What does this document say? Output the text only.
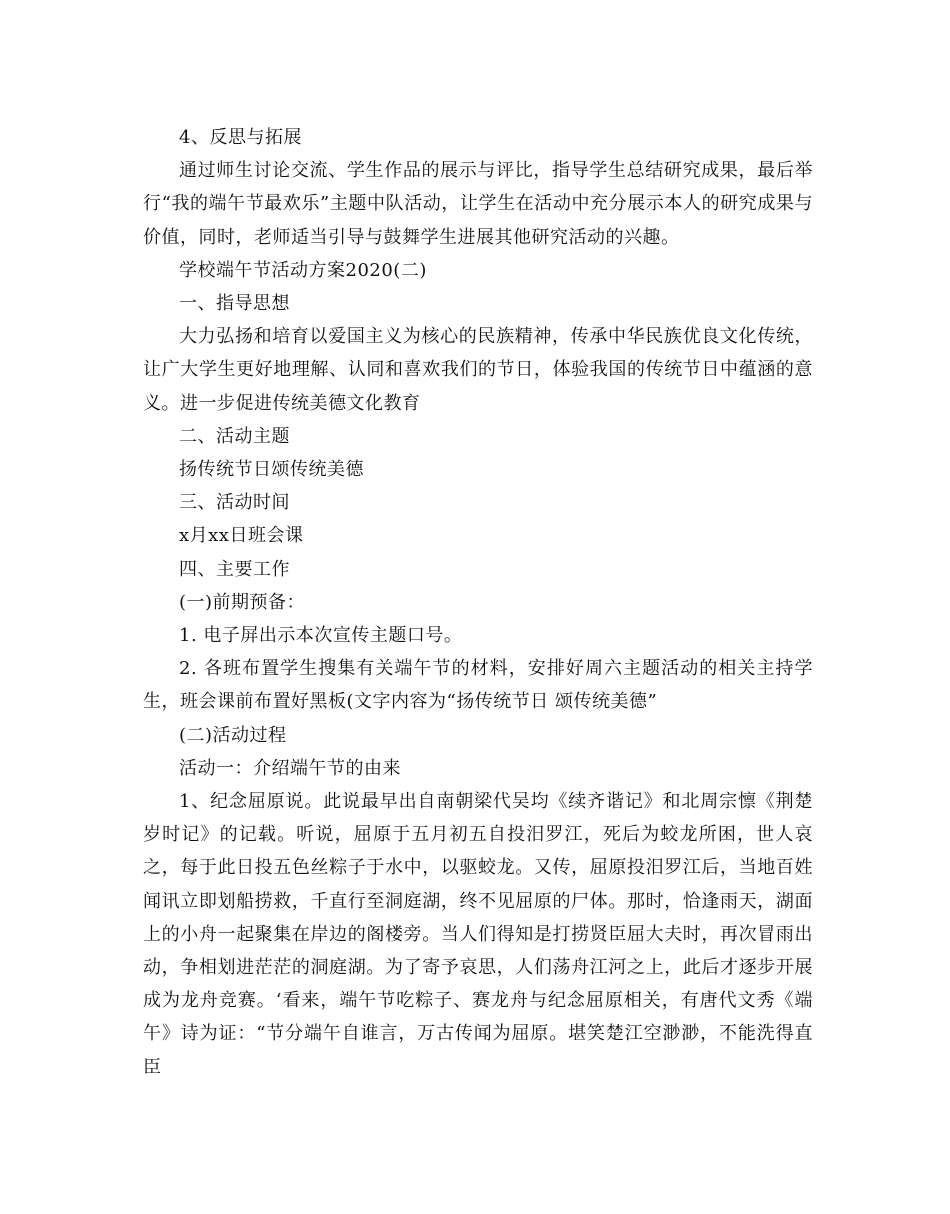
4、反思与拓展

通过师生讨论交流、学生作品的展示与评比，指导学生总结研究成果，最后举行“我的端午节最欢乐”主题中队活动，让学生在活动中充分展示本人的研究成果与价值，同时，老师适当引导与鼓舞学生进展其他研究活动的兴趣。

学校端午节活动方案2020(二)

一、指导思想

大力弘扬和培育以爱国主义为核心的民族精神，传承中华民族优良文化传统，让广大学生更好地理解、认同和喜欢我们的节日，体验我国的传统节日中蕴涵的意义。进一步促进传统美德文化教育

二、活动主题

扬传统节日颂传统美德

三、活动时间

x月xx日班会课

四、主要工作

(一)前期预备：

1. 电子屏出示本次宣传主题口号。

2. 各班布置学生搜集有关端午节的材料，安排好周六主题活动的相关主持学生，班会课前布置好黑板(文字内容为“扬传统节日 颂传统美德”

(二)活动过程

活动一：介绍端午节的由来

1、纪念屈原说。此说最早出自南朝梁代吴均《续齐谐记》和北周宗懔《荆楚岁时记》的记载。听说，屈原于五月初五自投汨罗江，死后为蛟龙所困，世人哀之，每于此日投五色丝粽子于水中，以驱蛟龙。又传，屈原投汨罗江后，当地百姓闻讯立即划船捞救，千直行至洞庭湖，终不见屈原的尸体。那时，恰逢雨天，湖面上的小舟一起聚集在岸边的阁楼旁。当人们得知是打捞贤臣屈大夫时，再次冒雨出动，争相划进茫茫的洞庭湖。为了寄予哀思，人们荡舟江河之上，此后才逐步开展成为龙舟竞赛。‘看来，端午节吃粽子、赛龙舟与纪念屈原相关，有唐代文秀《端午》诗为证：“节分端午自谁言，万古传闻为屈原。堪笑楚江空渺渺，不能洗得直臣
